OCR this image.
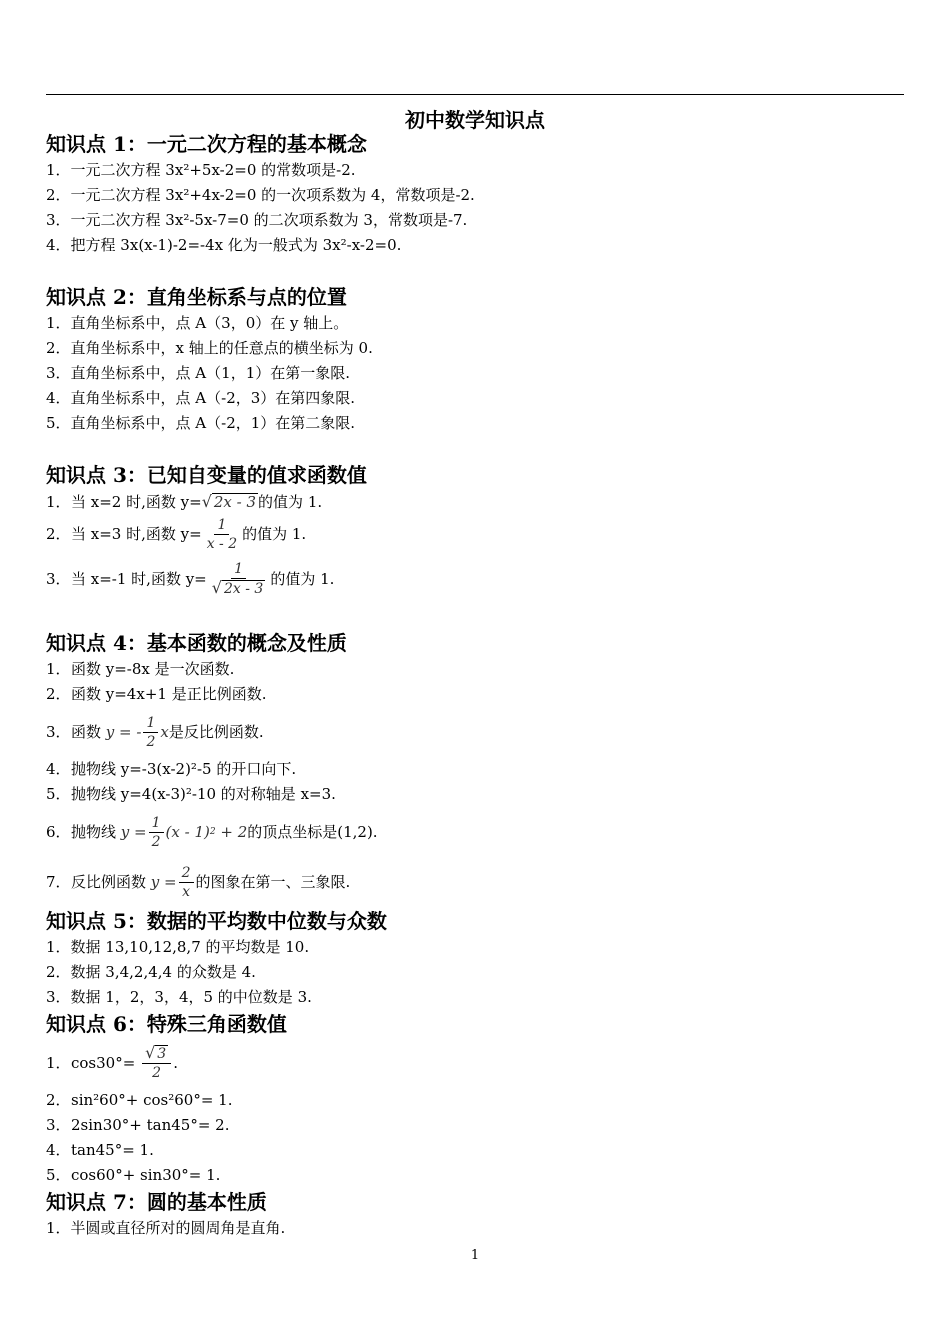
初中数学知识点
知识点 1：一元二次方程的基本概念
1．一元二次方程 3x²+5x-2=0 的常数项是-2.
2．一元二次方程 3x²+4x-2=0 的一次项系数为 4，常数项是-2.
3．一元二次方程 3x²-5x-7=0 的二次项系数为 3，常数项是-7.
4．把方程 3x(x-1)-2=-4x 化为一般式为 3x²-x-2=0.
知识点 2：直角坐标系与点的位置
1．直角坐标系中，点 A（3，0）在 y 轴上。
2．直角坐标系中，x 轴上的任意点的横坐标为 0.
3．直角坐标系中，点 A（1，1）在第一象限.
4．直角坐标系中，点 A（-2，3）在第四象限.
5．直角坐标系中，点 A（-2，1）在第二象限.
知识点 3：已知自变量的值求函数值
1．当 x=2 时,函数 y= √ 2x - 3 的值为 1.
2． 当 x=3 时,函数 $y= \frac{1}{x - 2}$ 的值为 1.
3． 当 x=-1 时,函数 $y= \frac{1}{√ 2x - 3}$ 的值为 1.
知识点 4：基本函数的概念及性质
1．函数 y=-8x 是一次函数.
2．函数 y=4x+1 是正比例函数.
3． 函数
y = - $\frac{1}{2}$ x 是反比例函数.
4．抛物线 y=-3(x-2)²-5 的开口向下.
5．抛物线 y=4(x-3)²-10 的对称轴是 x=3.
6． 抛物线
$y = \frac{1}{2} (x - 1)$ 2
+ 2 的顶点坐标是(1,2).
7． 反比例函数
$y = \frac{2}{x}$ 的图象在第一、三象限.
知识点 5：数据的平均数中位数与众数
1．数据 13,10,12,8,7 的平均数是 10.
2．数据 3,4,2,4,4 的众数是 4.
3．数据 1，2，3，4，5 的中位数是 3.
知识点 6：特殊三角函数值
1． cos30°=
$\frac{√ 3}{2}$ .
2．sin²60°+ cos²60°= 1.
3．2sin30°+ tan45°= 2.
4．tan45°= 1.
5．cos60°+ sin30°= 1.
知识点 7：圆的基本性质
1．半圆或直径所对的圆周角是直角.
1
